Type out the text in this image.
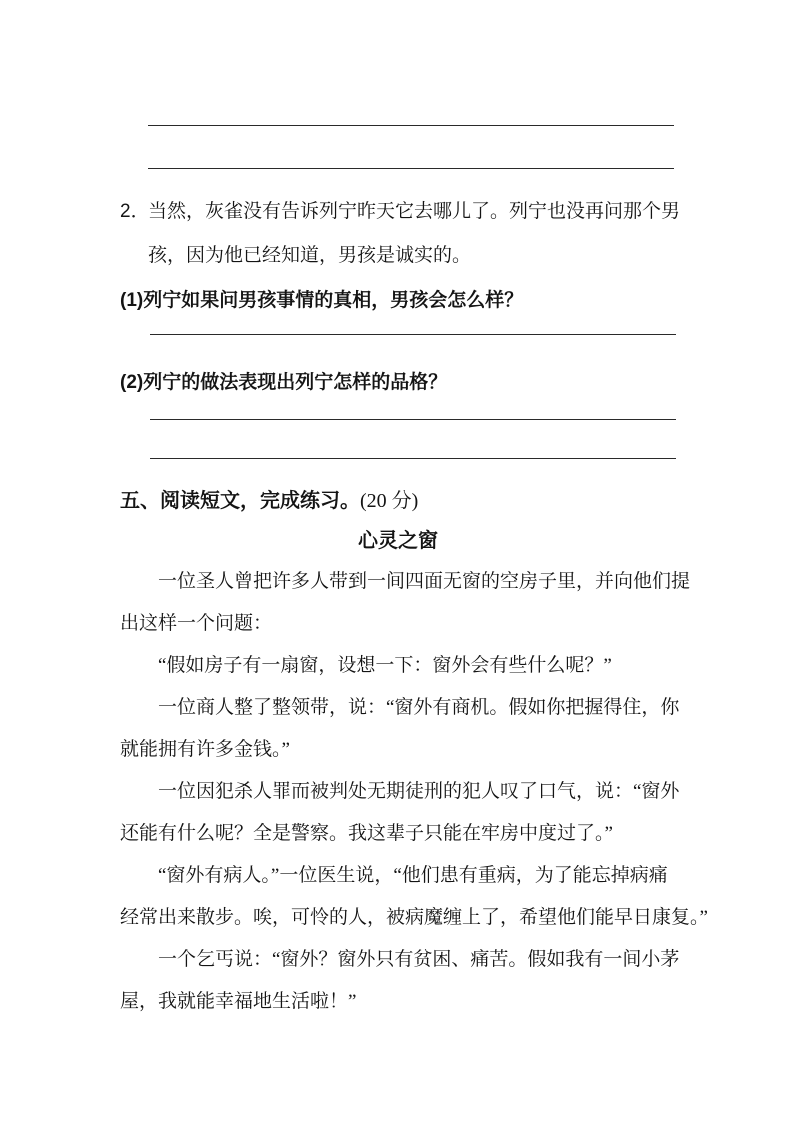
2．
当然，灰雀没有告诉列宁昨天它去哪儿了。列宁也没再问那个男
孩，因为他已经知道，男孩是诚实的。
(1)列宁如果问男孩事情的真相，男孩会怎么样？
(2)列宁的做法表现出列宁怎样的品格？
五、阅读短文，完成练习。(20 分)
心灵之窗
一位圣人曾把许多人带到一间四面无窗的空房子里，并向他们提
出这样一个问题：
“假如房子有一扇窗，设想一下：窗外会有些什么呢？”
一位商人整了整领带，说：“窗外有商机。假如你把握得住，你
就能拥有许多金钱。”
一位因犯杀人罪而被判处无期徒刑的犯人叹了口气，说：“窗外
还能有什么呢？全是警察。我这辈子只能在牢房中度过了。”
“窗外有病人。”一位医生说，“他们患有重病，为了能忘掉病痛
经常出来散步。唉，可怜的人，被病魔缠上了，希望他们能早日康复。”
一个乞丐说：“窗外？窗外只有贫困、痛苦。假如我有一间小茅
屋，我就能幸福地生活啦！”
